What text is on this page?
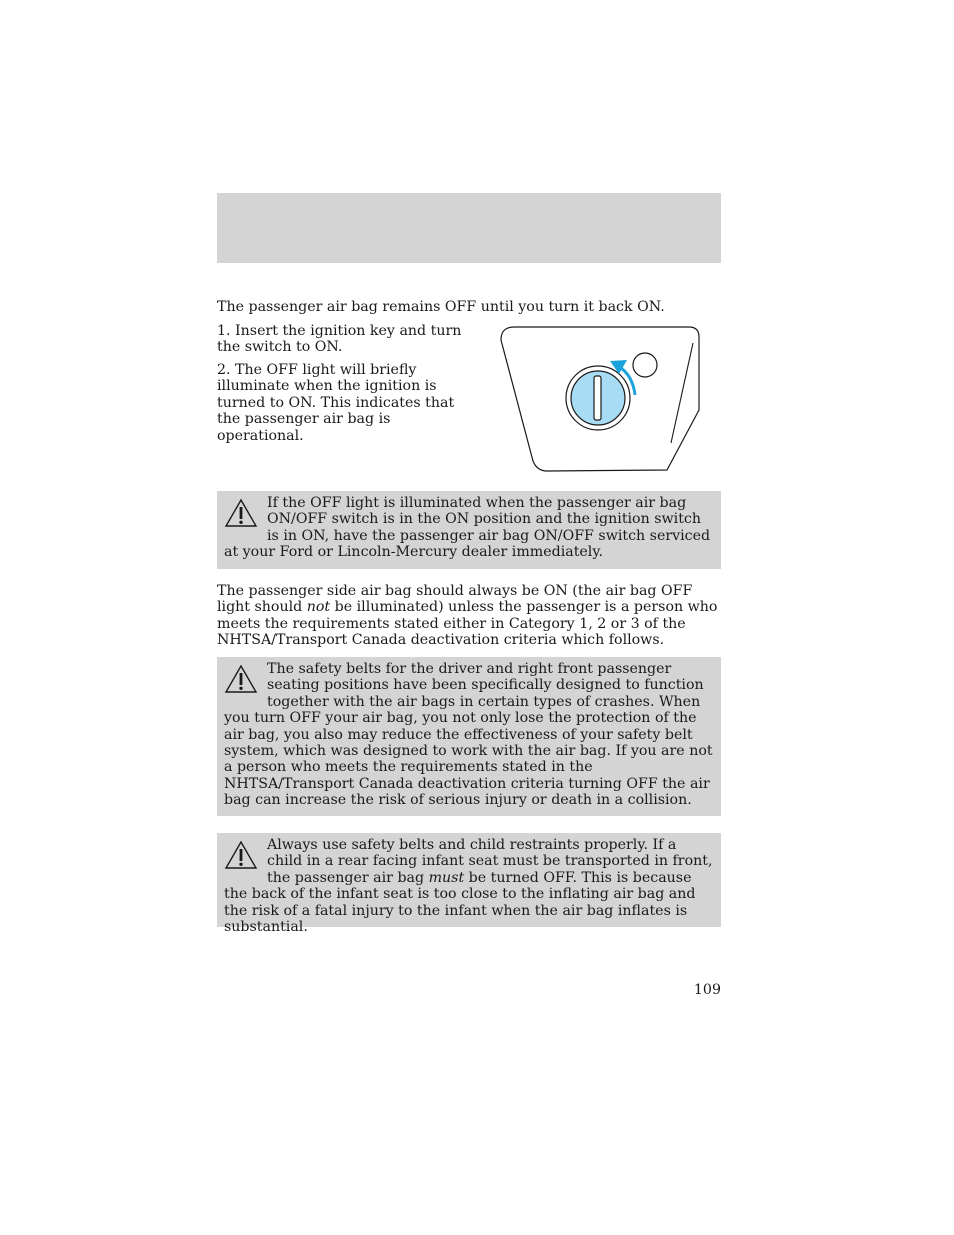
The passenger air bag remains OFF until you turn it back ON.

1. Insert the ignition key and turn the switch to ON.

2. The OFF light will briefly illuminate when the ignition is turned to ON. This indicates that the passenger air bag is operational.

If the OFF light is illuminated when the passenger air bag ON/OFF switch is in the ON position and the ignition switch is in ON, have the passenger air bag ON/OFF switch serviced at your Ford or Lincoln-Mercury dealer immediately.

The passenger side air bag should always be ON (the air bag OFF light should not be illuminated) unless the passenger is a person who meets the requirements stated either in Category 1, 2 or 3 of the NHTSA/Transport Canada deactivation criteria which follows.

The safety belts for the driver and right front passenger seating positions have been specifically designed to function together with the air bags in certain types of crashes. When you turn OFF your air bag, you not only lose the protection of the air bag, you also may reduce the effectiveness of your safety belt system, which was designed to work with the air bag. If you are not a person who meets the requirements stated in the NHTSA/Transport Canada deactivation criteria turning OFF the air bag can increase the risk of serious injury or death in a collision.

Always use safety belts and child restraints properly. If a child in a rear facing infant seat must be transported in front, the passenger air bag must be turned OFF. This is because the back of the infant seat is too close to the inflating air bag and the risk of a fatal injury to the infant when the air bag inflates is substantial.

109
